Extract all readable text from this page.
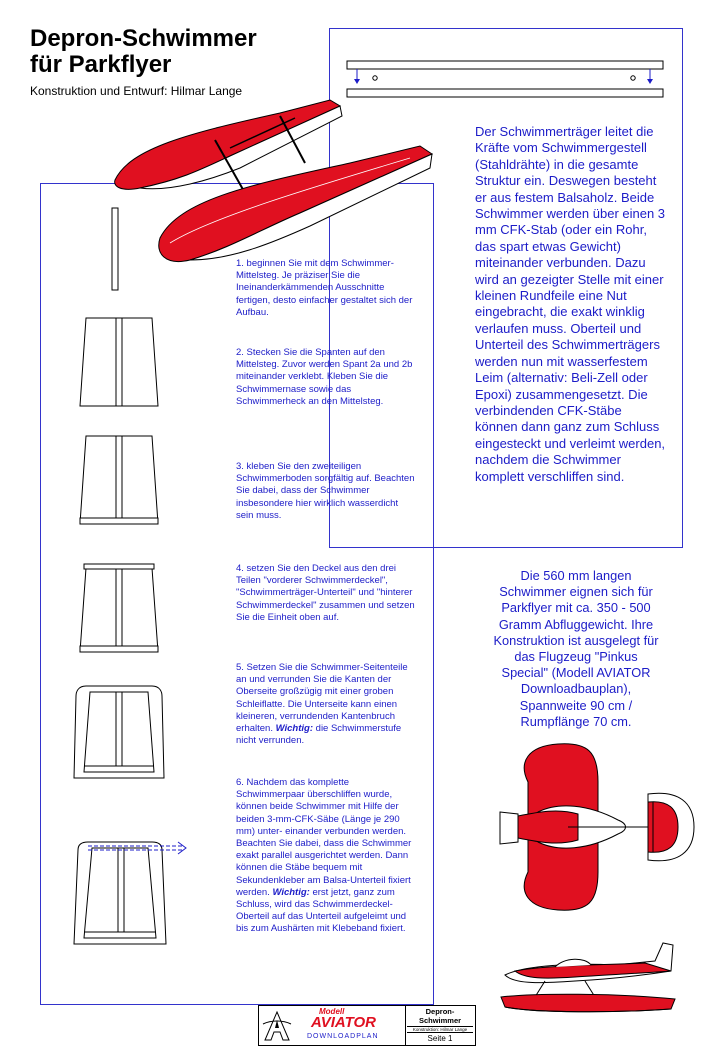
Depron-Schwimmer
für Parkflyer
Konstruktion und Entwurf: Hilmar Lange
1. beginnen Sie mit dem Schwimmer-Mittelsteg. Je präziser Sie die Ineinanderkämmenden Ausschnitte fertigen, desto einfacher gestaltet sich der Aufbau.
2. Stecken Sie die Spanten auf den Mittelsteg. Zuvor werden Spant 2a und 2b miteinander verklebt. Kleben Sie die Schwimmernase sowie das Schwimmerheck an den Mittelsteg.
3. kleben Sie den zweiteiligen Schwimmerboden sorgfältig auf. Beachten Sie dabei, dass der Schwimmer insbesondere hier wirklich wasserdicht sein muss.
4. setzen Sie den Deckel aus den drei Teilen "vorderer Schwimmerdeckel", "Schwimmerträger-Unterteil" und "hinterer Schwimmerdeckel" zusammen und setzen Sie die Einheit oben auf.
5. Setzen Sie die Schwimmer-Seitenteile an und verrunden Sie die Kanten der Oberseite großzügig mit einer groben Schleiflatte. Die Unterseite kann einen kleineren, verrundenden Kantenbruch erhalten. Wichtig: die Schwimmerstufe nicht verrunden.
6. Nachdem das komplette Schwimmerpaar überschliffen wurde, können beide Schwimmer mit Hilfe der beiden 3-mm-CFK-Säbe (Länge je 290 mm) unter- einander verbunden werden. Beachten Sie dabei, dass die Schwimmer exakt parallel ausgerichtet werden. Dann können die Stäbe bequem mit Sekundenkleber am Balsa-Unterteil fixiert werden. Wichtig: erst jetzt, ganz zum Schluss, wird das Schwimmerdeckel-Oberteil auf das Unterteil aufgeleimt und bis zum Aushärten mit Klebeband fixiert.
Der Schwimmerträger leitet die Kräfte vom Schwimmergestell (Stahldrähte) in die gesamte Struktur ein. Deswegen besteht er aus festem Balsaholz. Beide Schwimmer werden über einen 3 mm CFK-Stab (oder ein Rohr, das spart etwas Gewicht) miteinander verbunden. Dazu wird an gezeigter Stelle mit einer kleinen Rundfeile eine Nut eingebracht, die exakt winklig verlaufen muss. Oberteil und Unterteil des Schwimmerträgers werden nun mit wasserfestem Leim (alternativ: Beli-Zell oder Epoxi) zusammengesetzt. Die verbindenden CFK-Stäbe können dann ganz zum Schluss eingesteckt und verleimt werden, nachdem die Schwimmer komplett verschliffen sind.
Die 560 mm langen Schwimmer eignen sich für Parkflyer mit ca. 350 - 500 Gramm Abfluggewicht. Ihre Konstruktion ist ausgelegt für das Flugzeug "Pinkus Special" (Modell AVIATOR Downloadbauplan), Spannweite 90 cm / Rumpflänge 70 cm.
Modell
AVIATOR
DOWNLOADPLAN
Depron-
Schwimmer
Konstruktion: Hilmar Lange
Seite 1
